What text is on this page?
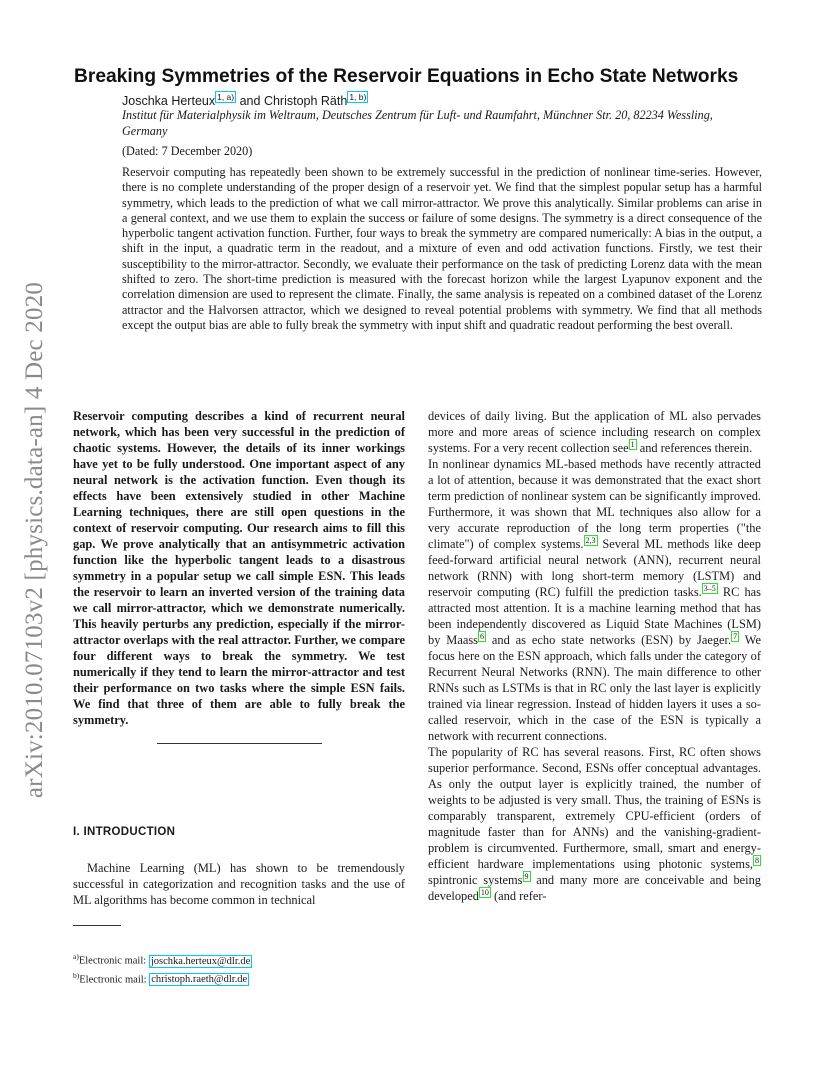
arXiv:2010.07103v2 [physics.data-an] 4 Dec 2020
Breaking Symmetries of the Reservoir Equations in Echo State Networks
Joschka Herteux $^{1, a)}$ and Christoph Räth $^{1, b)}$
Institut für Materialphysik im Weltraum, Deutsches Zentrum für Luft- und Raumfahrt, Münchner Str. 20, 82234 Wessling, Germany
(Dated: 7 December 2020)
Reservoir computing has repeatedly been shown to be extremely successful in the prediction of nonlinear time-series. However, there is no complete understanding of the proper design of a reservoir yet. We find that the simplest popular setup has a harmful symmetry, which leads to the prediction of what we call mirror-attractor. We prove this analytically. Similar problems can arise in a general context, and we use them to explain the success or failure of some designs. The symmetry is a direct consequence of the hyperbolic tangent activation function. Further, four ways to break the symmetry are compared numerically: A bias in the output, a shift in the input, a quadratic term in the readout, and a mixture of even and odd activation functions. Firstly, we test their susceptibility to the mirror-attractor. Secondly, we evaluate their performance on the task of predicting Lorenz data with the mean shifted to zero. The short-time prediction is measured with the forecast horizon while the largest Lyapunov exponent and the correlation dimension are used to represent the climate. Finally, the same analysis is repeated on a combined dataset of the Lorenz attractor and the Halvorsen attractor, which we designed to reveal potential problems with symmetry. We find that all methods except the output bias are able to fully break the symmetry with input shift and quadratic readout performing the best overall.

Reservoir computing describes a kind of recurrent neural network, which has been very successful in the prediction of chaotic systems. However, the details of its inner workings have yet to be fully understood. One important aspect of any neural network is the activation function. Even though its effects have been extensively studied in other Machine Learning techniques, there are still open questions in the context of reservoir computing. Our research aims to fill this gap. We prove analytically that an antisymmetric activation function like the hyperbolic tangent leads to a disastrous symmetry in a popular setup we call simple ESN. This leads the reservoir to learn an inverted version of the training data we call mirror-attractor, which we demonstrate numerically. This heavily perturbs any prediction, especially if the mirror-attractor overlaps with the real attractor. Further, we compare four different ways to break the symmetry. We test numerically if they tend to learn the mirror-attractor and test their performance on two tasks where the simple ESN fails. We find that three of them are able to fully break the symmetry.

I. INTRODUCTION

Machine Learning (ML) has shown to be tremendously successful in categorization and recognition tasks and the use of ML algorithms has become common in technical

$^{a)}$Electronic mail: joschka.herteux@dlr.de
$^{b)}$Electronic mail: christoph.raeth@dlr.de

devices of daily living. But the application of ML also pervades more and more areas of science including research on complex systems. For a very recent collection see $^1$ and references therein.

In nonlinear dynamics ML-based methods have recently attracted a lot of attention, because it was demonstrated that the exact short term prediction of nonlinear system can be significantly improved. Furthermore, it was shown that ML techniques also allow for a very accurate reproduction of the long term properties ("the climate") of complex systems. $^{2,3}$ Several ML methods like deep feed-forward artificial neural network (ANN), recurrent neural network (RNN) with long short-term memory (LSTM) and reservoir computing (RC) fulfill the prediction tasks. $^{3-5}$ RC has attracted most attention. It is a machine learning method that has been independently discovered as Liquid State Machines (LSM) by Maass $^6$ and as echo state networks (ESN) by Jaeger. $^7$ We focus here on the ESN approach, which falls under the category of Recurrent Neural Networks (RNN). The main difference to other RNNs such as LSTMs is that in RC only the last layer is explicitly trained via linear regression. Instead of hidden layers it uses a so-called reservoir, which in the case of the ESN is typically a network with recurrent connections.

The popularity of RC has several reasons. First, RC often shows superior performance. Second, ESNs offer conceptual advantages. As only the output layer is explicitly trained, the number of weights to be adjusted is very small. Thus, the training of ESNs is comparably transparent, extremely CPU-efficient (orders of magnitude faster than for ANNs) and the vanishing-gradient-problem is circumvented. Furthermore, small, smart and energy-efficient hardware implementations using photonic systems, $^8$ spintronic systems $^9$ and many more are conceivable and being developed $^{10}$ (and refer-
